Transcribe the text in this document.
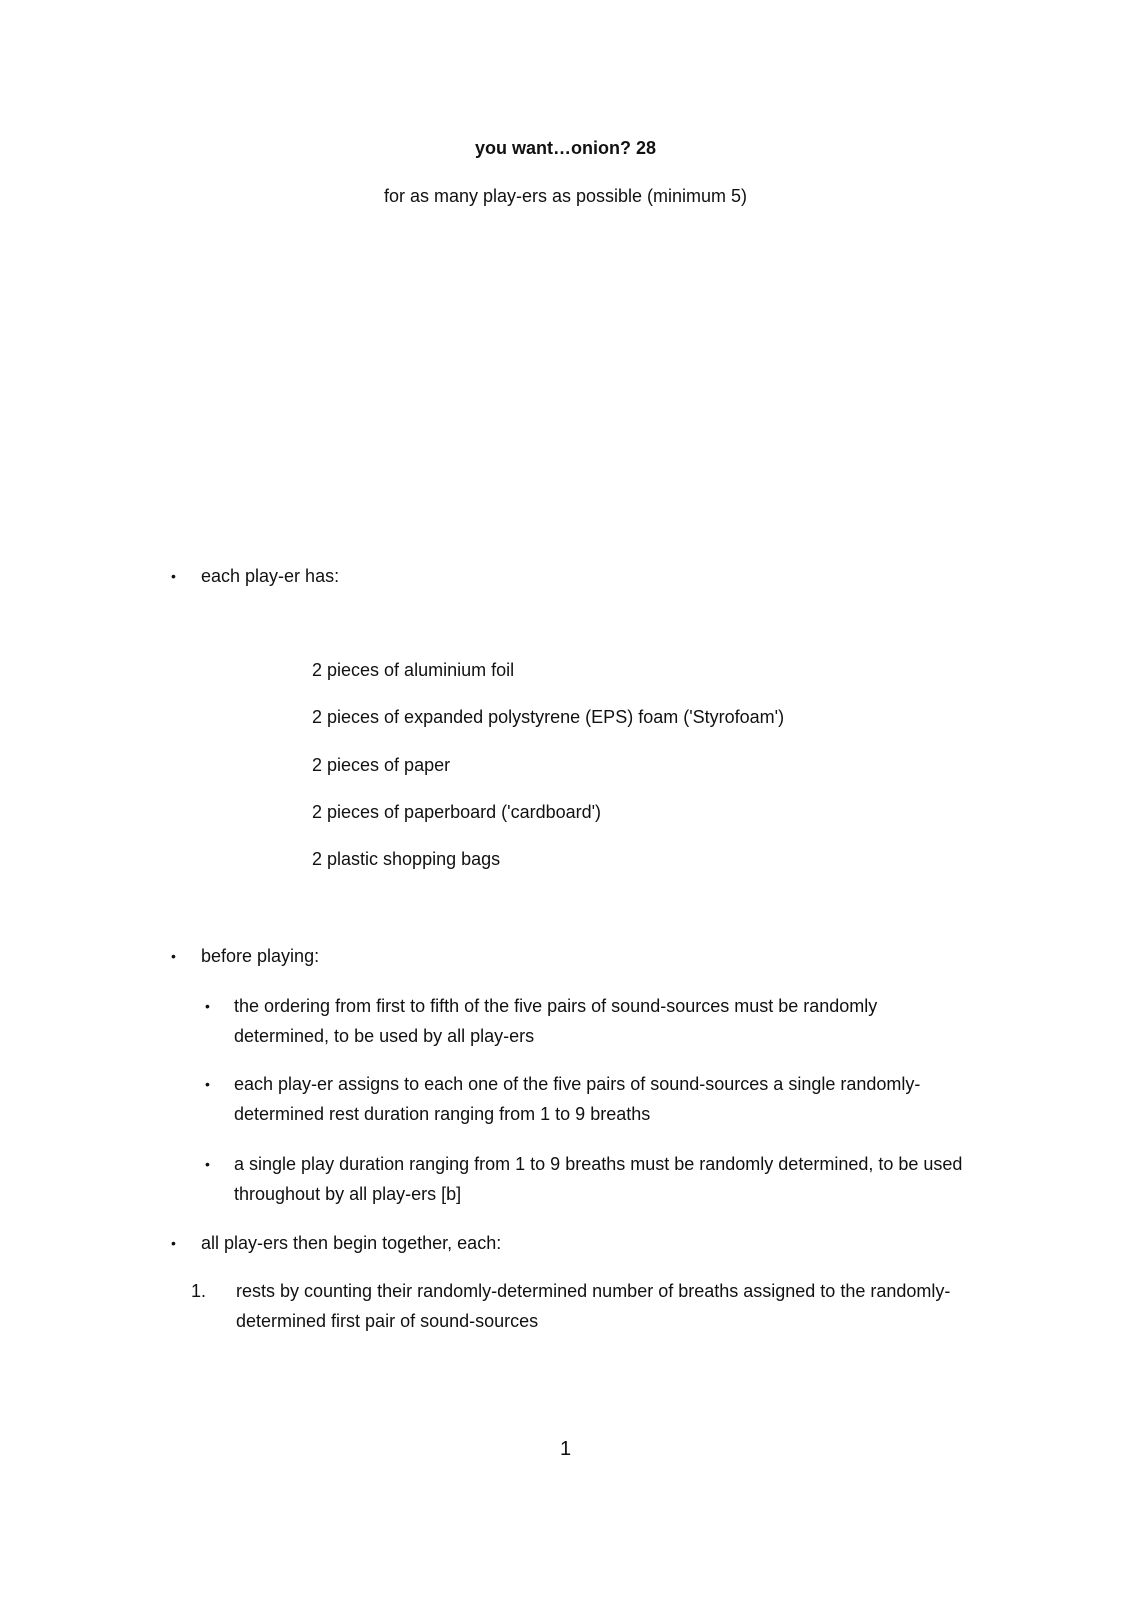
you want…onion? 28
for as many play-ers as possible (minimum 5)
• each play-er has:
2 pieces of aluminium foil
2 pieces of expanded polystyrene (EPS) foam ('Styrofoam')
2 pieces of paper
2 pieces of paperboard ('cardboard')
2 plastic shopping bags
• before playing:
• the ordering from first to fifth of the five pairs of sound-sources must be randomly determined, to be used by all play-ers
• each play-er assigns to each one of the five pairs of sound-sources a single randomly-determined rest duration ranging from 1 to 9 breaths
• a single play duration ranging from 1 to 9 breaths must be randomly determined, to be used throughout by all play-ers [b]
• all play-ers then begin together, each:
1. rests by counting their randomly-determined number of breaths assigned to the randomly-determined first pair of sound-sources
1
